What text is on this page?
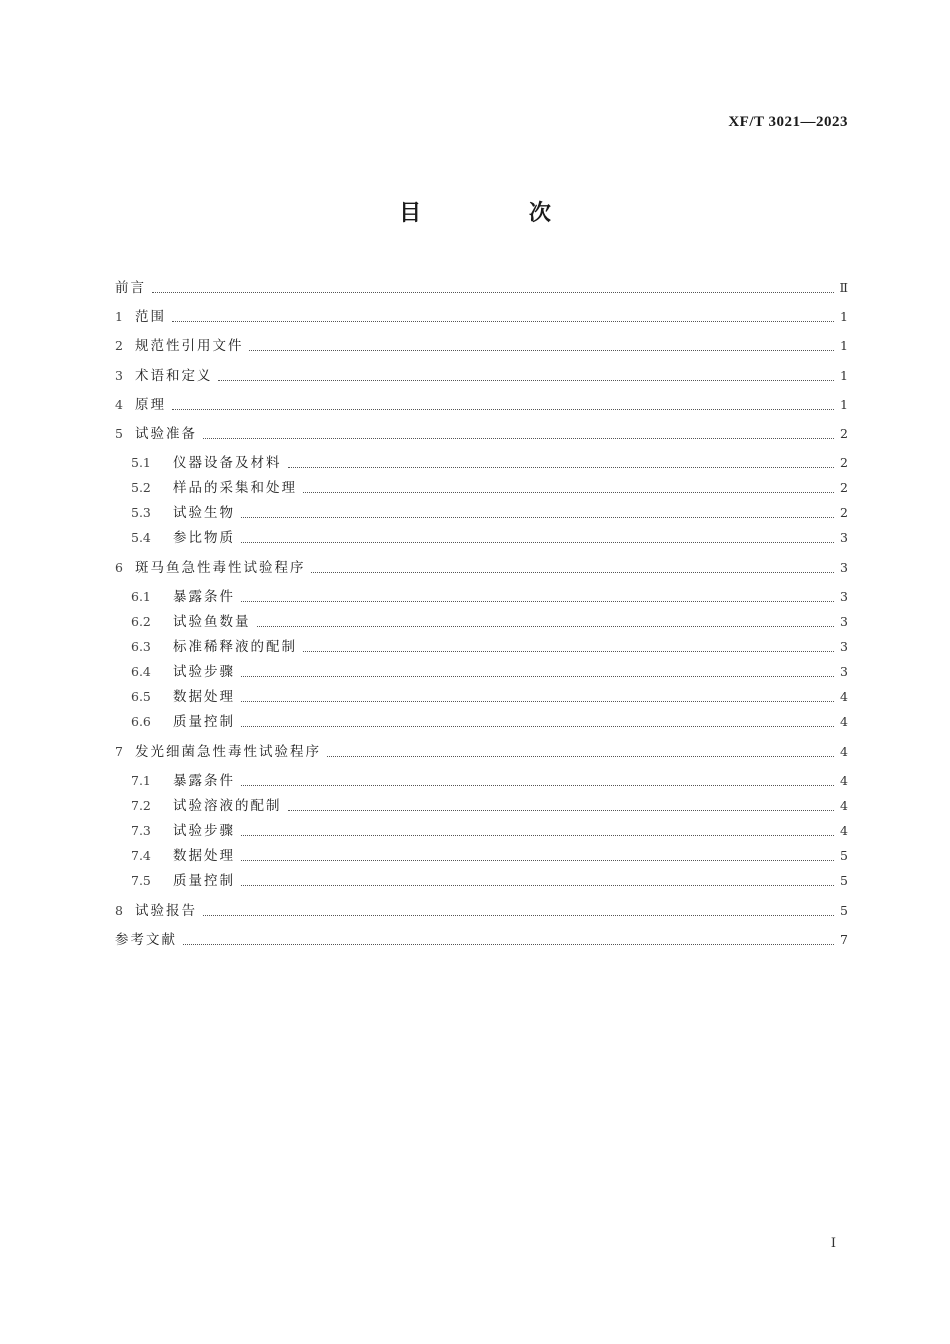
XF/T 3021—2023
目 次
前言	Ⅱ
1 范围	1
2 规范性引用文件	1
3 术语和定义	1
4 原理	1
5 试验准备	2
5.1	仪器设备及材料	2
5.2	样品的采集和处理	2
5.3	试验生物	2
5.4	参比物质	3
6 斑马鱼急性毒性试验程序	3
6.1	暴露条件	3
6.2	试验鱼数量	3
6.3	标准稀释液的配制	3
6.4	试验步骤	3
6.5	数据处理	4
6.6	质量控制	4
7 发光细菌急性毒性试验程序	4
7.1	暴露条件	4
7.2	试验溶液的配制	4
7.3	试验步骤	4
7.4	数据处理	5
7.5	质量控制	5
8 试验报告	5
参考文献	7
Ⅰ
